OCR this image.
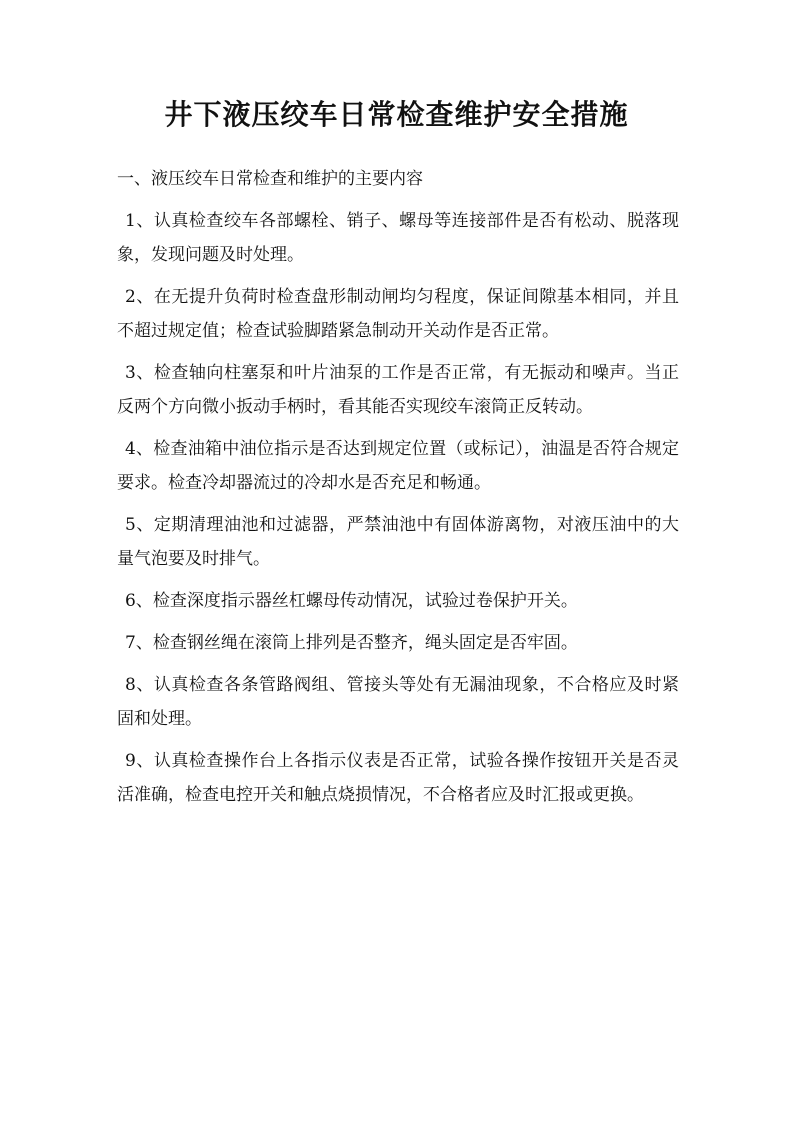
井下液压绞车日常检查维护安全措施

一、液压绞车日常检查和维护的主要内容

1、认真检查绞车各部螺栓、销子、螺母等连接部件是否有松动、脱落现象，发现问题及时处理。

2、在无提升负荷时检查盘形制动闸均匀程度，保证间隙基本相同，并且不超过规定值；检查试验脚踏紧急制动开关动作是否正常。

3、检查轴向柱塞泵和叶片油泵的工作是否正常，有无振动和噪声。当正反两个方向微小扳动手柄时，看其能否实现绞车滚筒正反转动。

4、检查油箱中油位指示是否达到规定位置（或标记），油温是否符合规定要求。检查冷却器流过的冷却水是否充足和畅通。

5、定期清理油池和过滤器，严禁油池中有固体游离物，对液压油中的大量气泡要及时排气。

6、检查深度指示器丝杠螺母传动情况，试验过卷保护开关。

7、检查钢丝绳在滚筒上排列是否整齐，绳头固定是否牢固。

8、认真检查各条管路阀组、管接头等处有无漏油现象，不合格应及时紧固和处理。

9、认真检查操作台上各指示仪表是否正常，试验各操作按钮开关是否灵活准确，检查电控开关和触点烧损情况，不合格者应及时汇报或更换。
